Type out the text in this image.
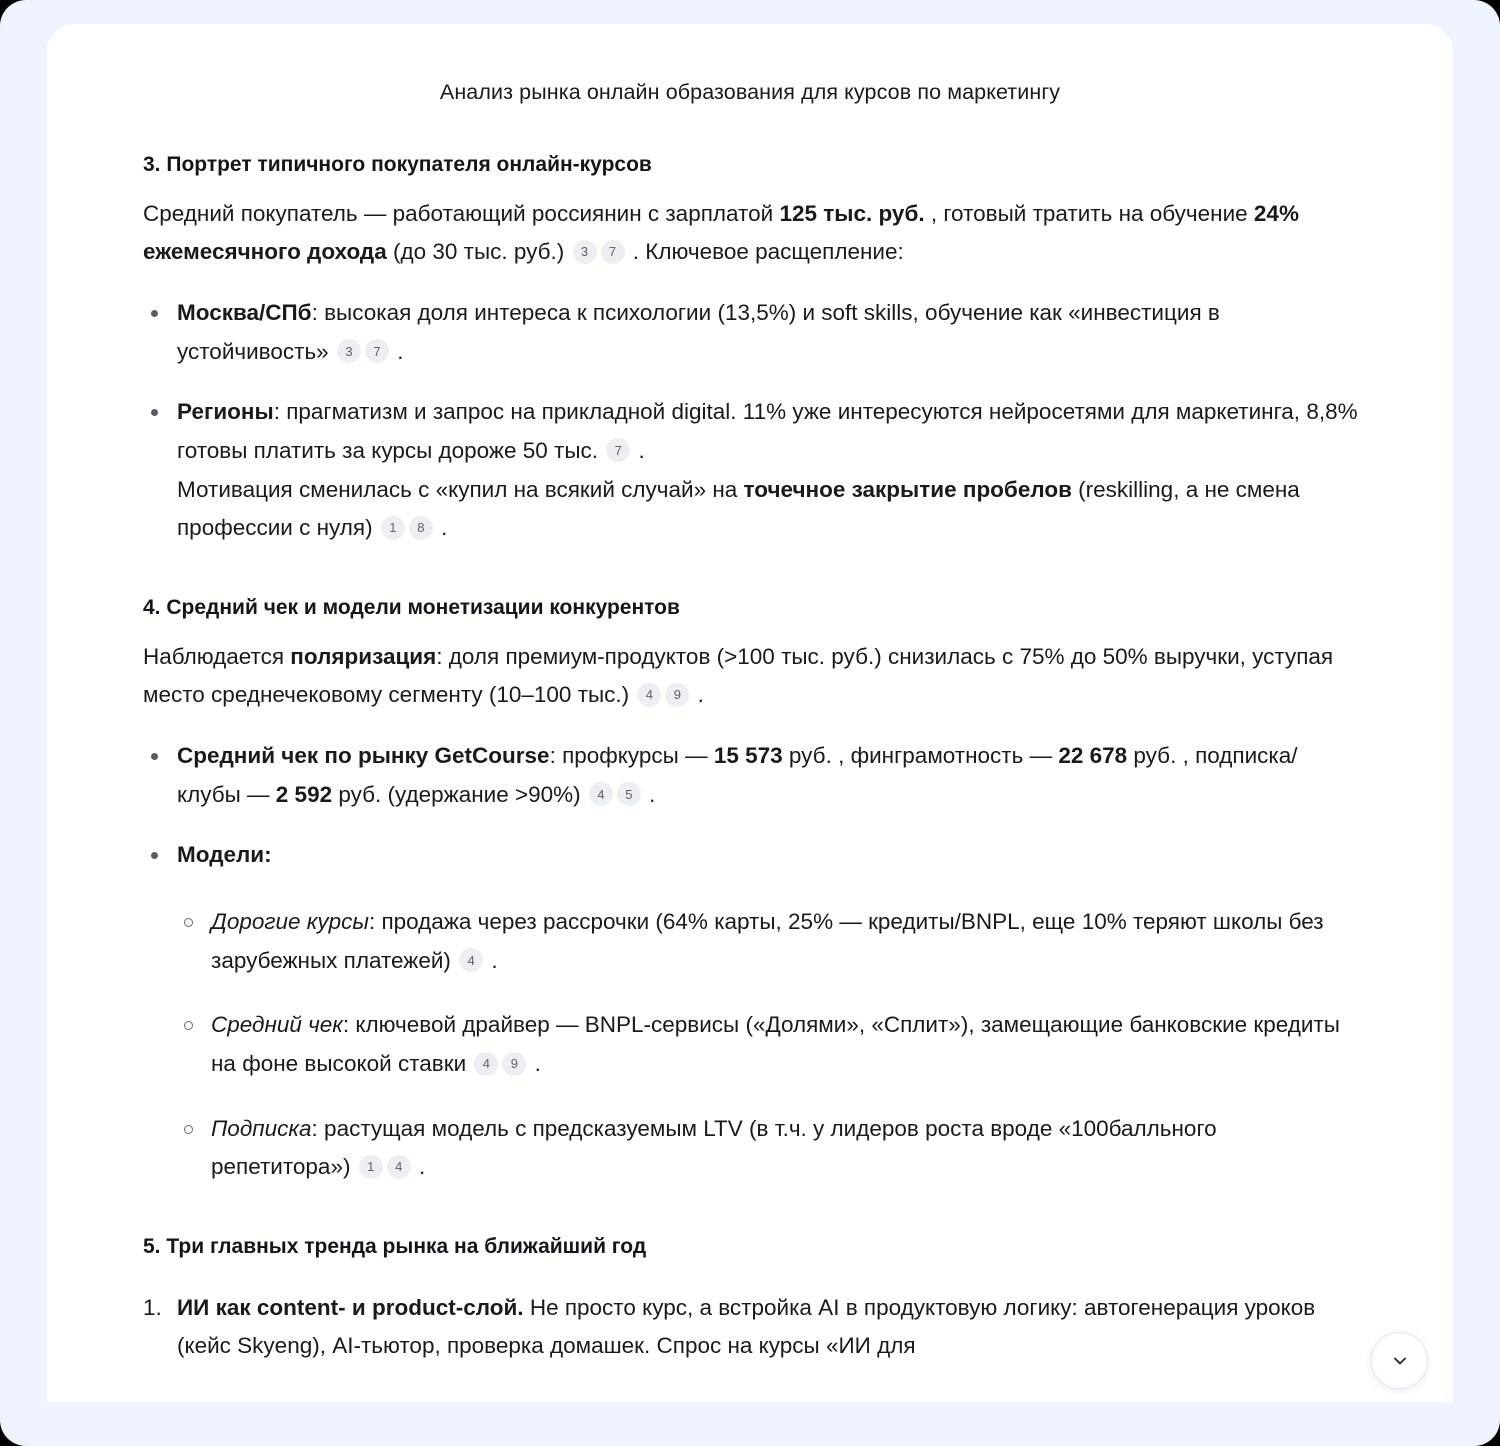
Анализ рынка онлайн образования для курсов по маркетингу
3. Портрет типичного покупателя онлайн-курсов

Средний покупатель — работающий россиянин с зарплатой 125 тыс. руб. , готовый тратить на обучение 24% ежемесячного дохода (до 30 тыс. руб.) 3 7 . Ключевое расщепление:

Москва/СПб: высокая доля интереса к психологии (13,5%) и soft skills, обучение как «инвестиция в устойчивость» 3 7 .
Регионы: прагматизм и запрос на прикладной digital. 11% уже интересуются нейросетями для маркетинга, 8,8% готовы платить за курсы дороже 50 тыс. 7 .
Мотивация сменилась с «купил на всякий случай» на точечное закрытие пробелов (reskilling, а не смена профессии с нуля) 1 8 .
4. Средний чек и модели монетизации конкурентов

Наблюдается поляризация: доля премиум-продуктов (>100 тыс. руб.) снизилась с 75% до 50% выручки, уступая место среднечековому сегменту (10–100 тыс.) 4 9 .

Средний чек по рынку GetCourse: профкурсы — 15 573 руб. , финграмотность — 22 678 руб. , подписка/клубы — 2 592 руб. (удержание >90%) 4 5 .
Модели:
Дорогие курсы: продажа через рассрочки (64% карты, 25% — кредиты/BNPL, еще 10% теряют школы без зарубежных платежей) 4 .
Средний чек: ключевой драйвер — BNPL-сервисы («Долями», «Сплит»), замещающие банковские кредиты на фоне высокой ставки 4 9 .
Подписка: растущая модель с предсказуемым LTV (в т.ч. у лидеров роста вроде «100балльного репетитора») 1 4 .
5. Три главных тренда рынка на ближайший год
ИИ как content- и product-слой. Не просто курс, а встройка AI в продуктовую логику: автогенерация уроков (кейс Skyeng), AI-тьютор, проверка домашек. Спрос на курсы «ИИ для
